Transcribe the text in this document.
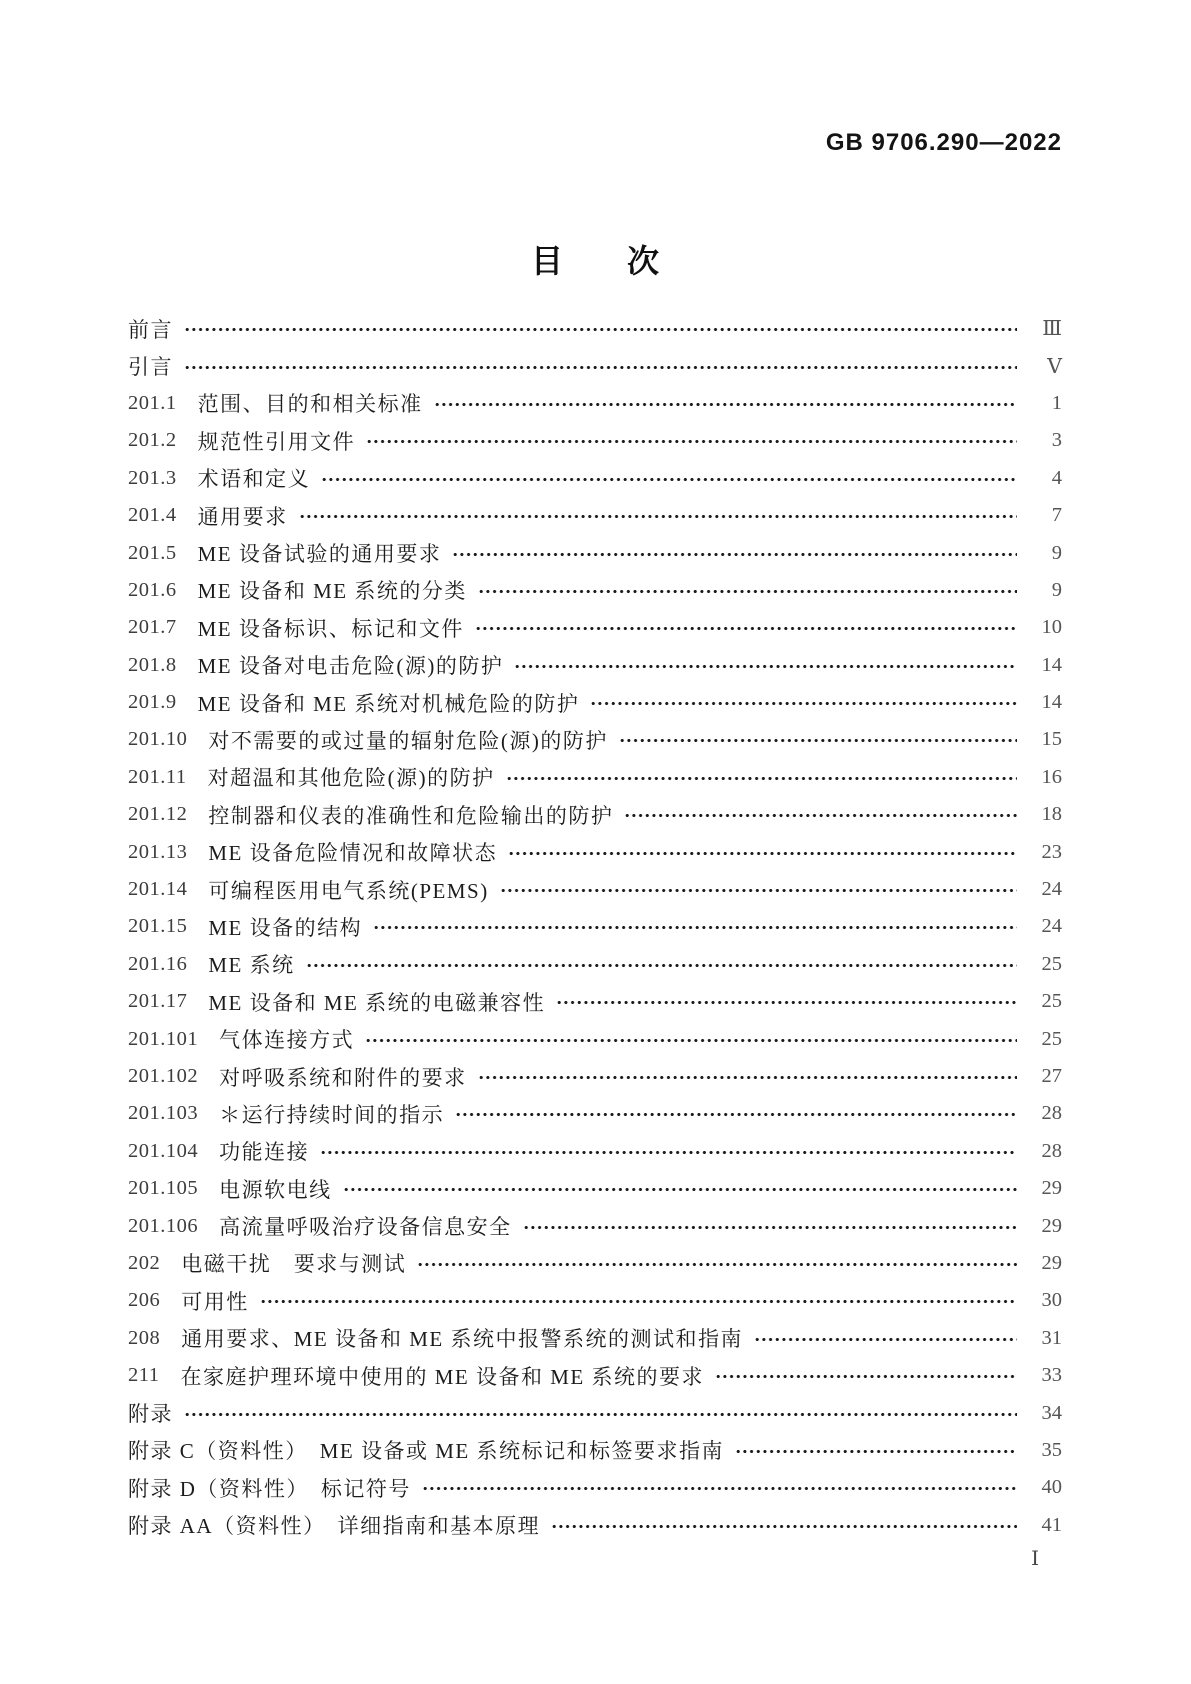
GB 9706.290—2022
目　　次
前言	Ⅲ
引言	Ⅴ
201.1 范围、目的和相关标准	1
201.2 规范性引用文件	3
201.3 术语和定义	4
201.4 通用要求	7
201.5 ME 设备试验的通用要求	9
201.6 ME 设备和 ME 系统的分类	9
201.7 ME 设备标识、标记和文件	10
201.8 ME 设备对电击危险(源)的防护	14
201.9 ME 设备和 ME 系统对机械危险的防护	14
201.10 对不需要的或过量的辐射危险(源)的防护	15
201.11 对超温和其他危险(源)的防护	16
201.12 控制器和仪表的准确性和危险输出的防护	18
201.13 ME 设备危险情况和故障状态	23
201.14 可编程医用电气系统(PEMS)	24
201.15 ME 设备的结构	24
201.16 ME 系统	25
201.17 ME 设备和 ME 系统的电磁兼容性	25
201.101 气体连接方式	25
201.102 对呼吸系统和附件的要求	27
201.103 ＊运行持续时间的指示	28
201.104 功能连接	28
201.105 电源软电线	29
201.106 高流量呼吸治疗设备信息安全	29
202 电磁干扰　要求与测试	29
206 可用性	30
208 通用要求、ME 设备和 ME 系统中报警系统的测试和指南	31
211 在家庭护理环境中使用的 ME 设备和 ME 系统的要求	33
附录	34
附录 C（资料性）　ME 设备或 ME 系统标记和标签要求指南	35
附录 D（资料性）　标记符号	40
附录 AA（资料性）　详细指南和基本原理	41
Ⅰ
